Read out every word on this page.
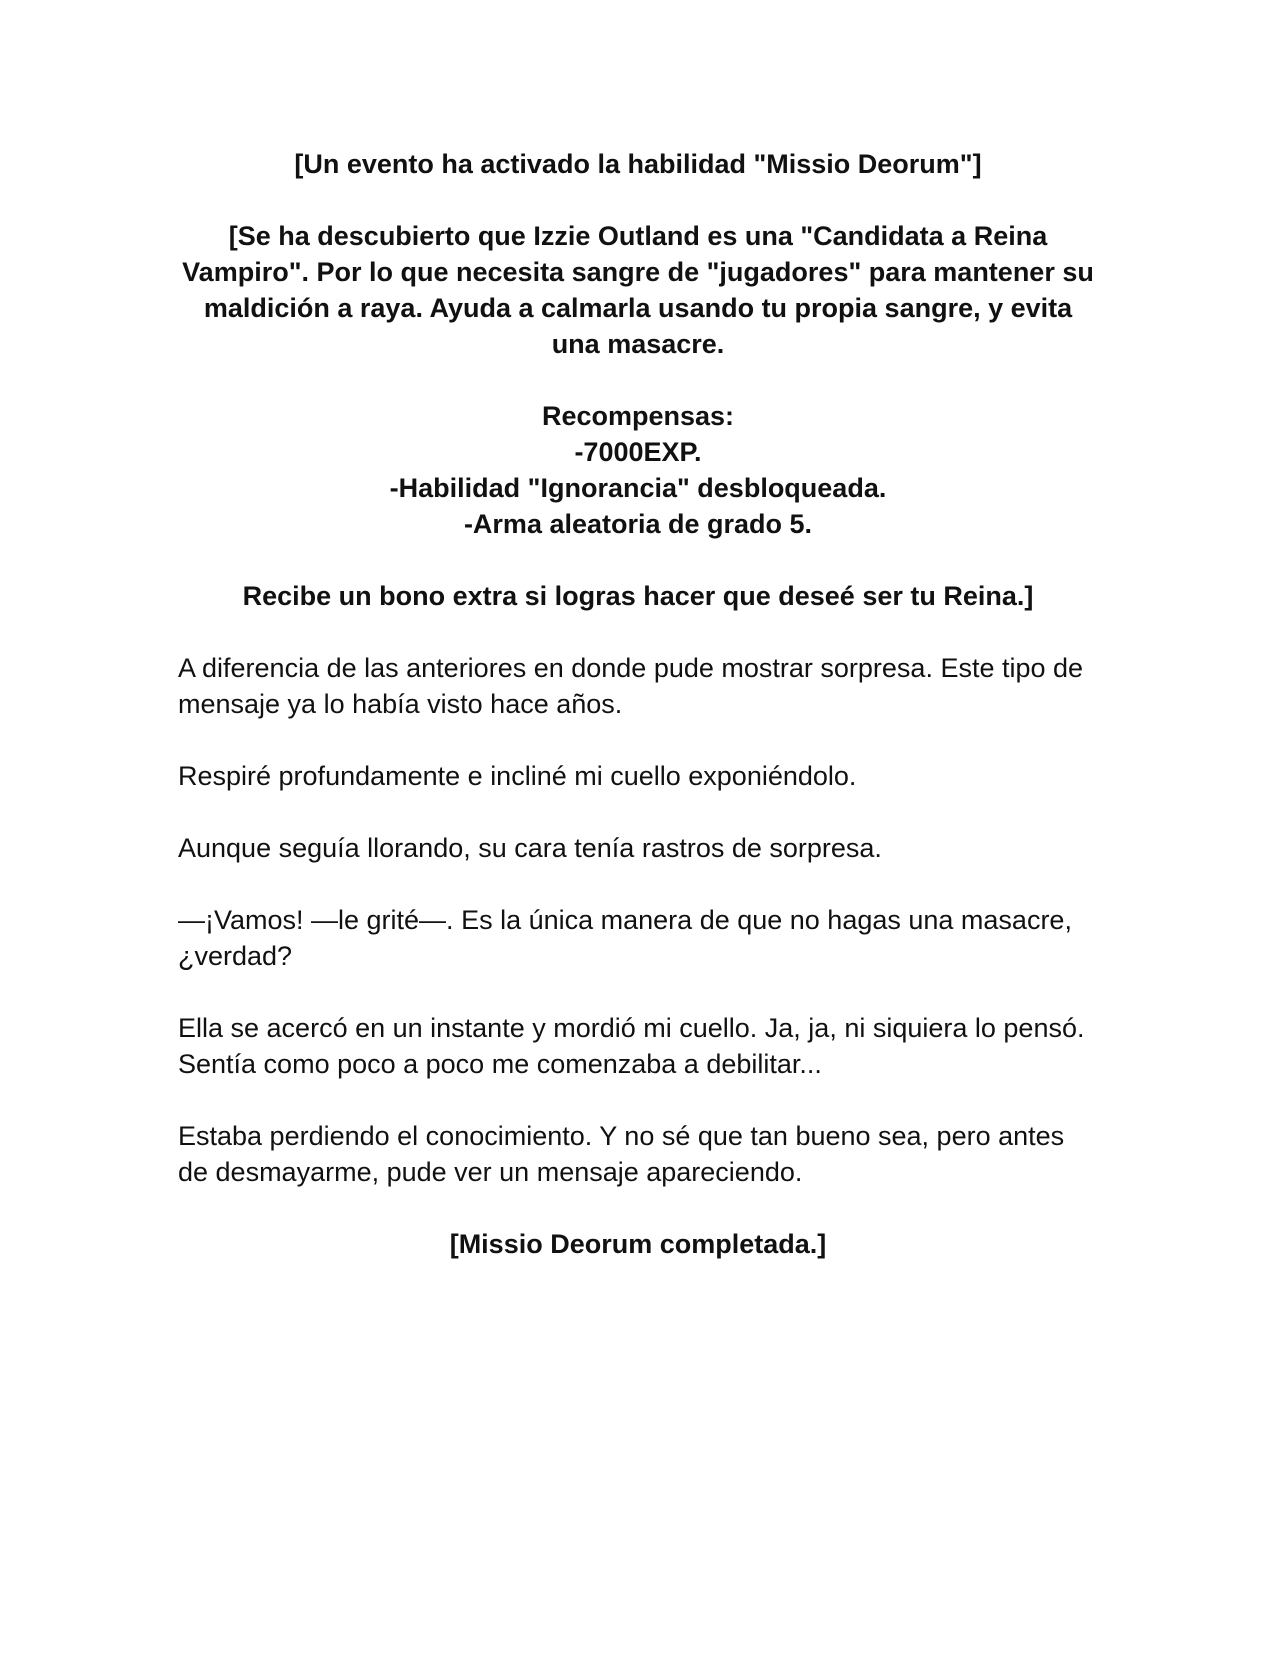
[Un evento ha activado la habilidad "Missio Deorum"]

[Se ha descubierto que Izzie Outland es una "Candidata a Reina Vampiro". Por lo que necesita sangre de "jugadores" para mantener su maldición a raya. Ayuda a calmarla usando tu propia sangre, y evita una masacre.

Recompensas:
-7000EXP.
-Habilidad "Ignorancia" desbloqueada.
-Arma aleatoria de grado 5.

Recibe un bono extra si logras hacer que deseé ser tu Reina.]

A diferencia de las anteriores en donde pude mostrar sorpresa. Este tipo de mensaje ya lo había visto hace años.

Respiré profundamente e incliné mi cuello exponiéndolo.

Aunque seguía llorando, su cara tenía rastros de sorpresa.

—¡Vamos! —le grité—. Es la única manera de que no hagas una masacre, ¿verdad?

Ella se acercó en un instante y mordió mi cuello. Ja, ja, ni siquiera lo pensó. Sentía como poco a poco me comenzaba a debilitar...

Estaba perdiendo el conocimiento. Y no sé que tan bueno sea, pero antes de desmayarme, pude ver un mensaje apareciendo.

[Missio Deorum completada.]
